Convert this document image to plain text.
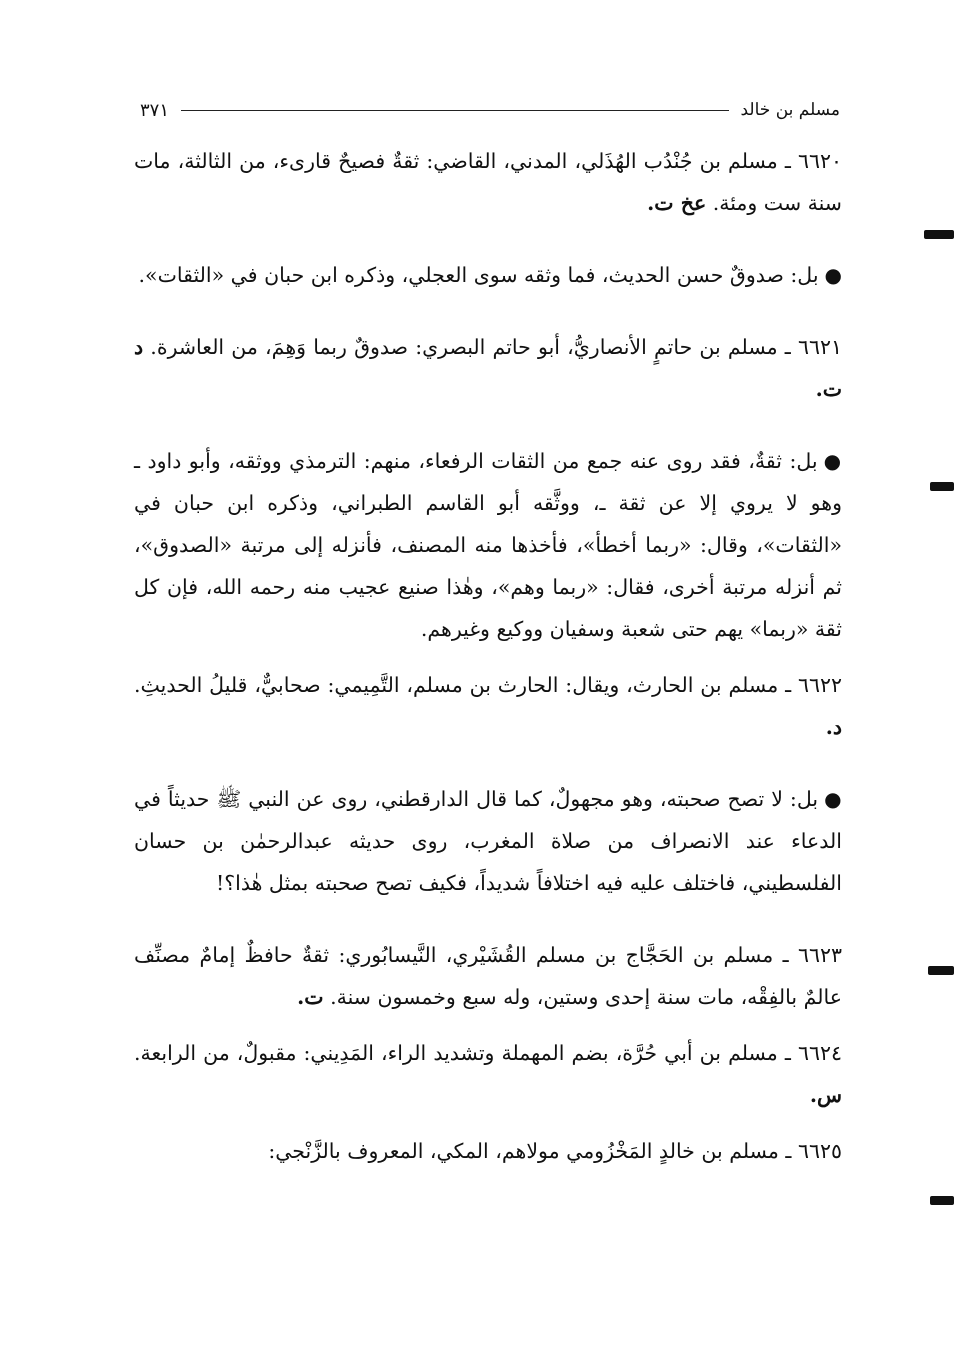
مسلم بن خالد
٣٧١

٦٦٢٠ ـ مسلم بن جُنْدُب الهُذَلي، المدني، القاضي: ثقةٌ فصيحٌ قارىء، من الثالثة، مات سنة ست ومئة. عخ ت.

●بل: صدوقٌ حسن الحديث، فما وثقه سوى العجلي، وذكره ابن حبان في «الثقات».

٦٦٢١ ـ مسلم بن حاتمٍ الأنصاريُّ، أبو حاتم البصري: صدوقٌ ربما وَهِمَ، من العاشرة. د ت.

●بل: ثقةٌ، فقد روى عنه جمع من الثقات الرفعاء، منهم: الترمذي ووثقه، وأبو داود ـ وهو لا يروي إلا عن ثقة ـ، ووثَّقه أبو القاسم الطبراني، وذكره ابن حبان في «الثقات»، وقال: «ربما أخطأ»، فأخذها منه المصنف، فأنزله إلى مرتبة «الصدوق»، ثم أنزله مرتبة أخرى، فقال: «ربما وهم»، وهٰذا صنيع عجيب منه رحمه الله، فإن كل ثقة «ربما» يهم حتى شعبة وسفيان ووكيع وغيرهم.

٦٦٢٢ ـ مسلم بن الحارث، ويقال: الحارث بن مسلم، التَّمِيمي: صحابيٌّ، قليلُ الحديثِ. د.

●بل: لا تصح صحبته، وهو مجهولٌ، كما قال الدارقطني، روى عن النبي ﷺ حديثاً في الدعاء عند الانصراف من صلاة المغرب، روى حديثه عبدالرحمٰن بن حسان الفلسطيني، فاختلف عليه فيه اختلافاً شديداً، فكيف تصح صحبته بمثل هٰذا؟!

٦٦٢٣ ـ مسلم بن الحَجَّاج بن مسلم القُشَيْري، النَّيسابُوري: ثقةٌ حافظٌ إمامٌ مصنِّف عالمٌ بالفِقْه، مات سنة إحدى وستين، وله سبع وخمسون سنة. ت.

٦٦٢٤ ـ مسلم بن أبي حُرَّة، بضم المهملة وتشديد الراء، المَدِيني: مقبولٌ، من الرابعة. س.

٦٦٢٥ ـ مسلم بن خالدٍ المَخْزُومي مولاهم، المكي، المعروف بالزَّنْجي:
